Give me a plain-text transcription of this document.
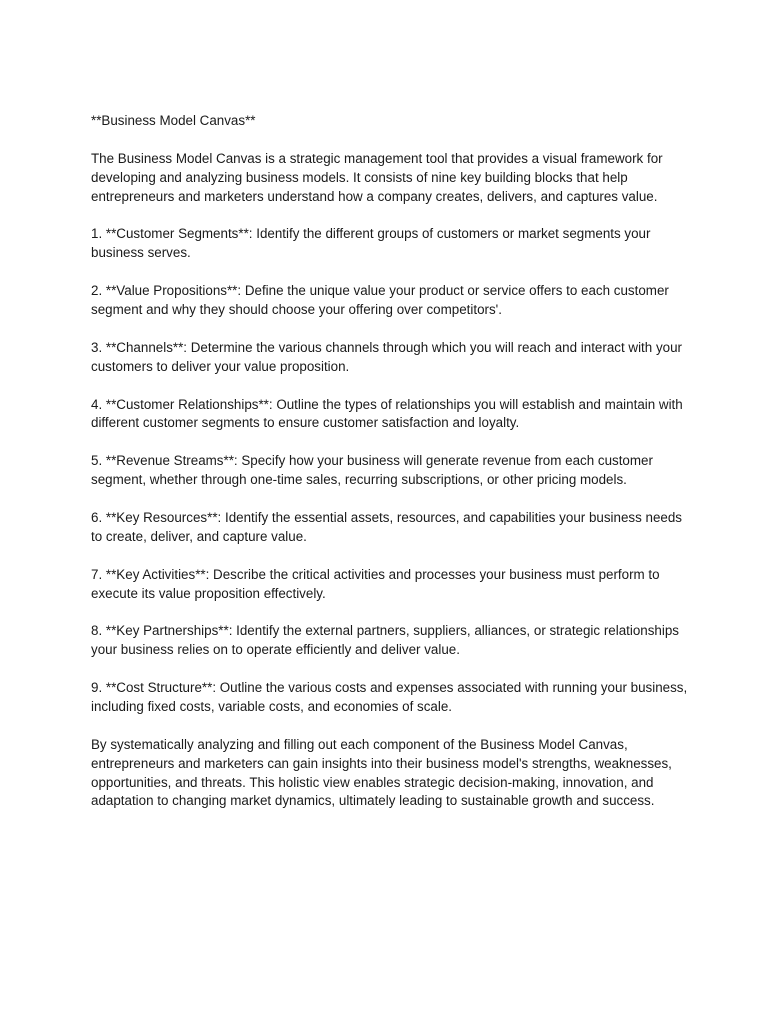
**Business Model Canvas**

The Business Model Canvas is a strategic management tool that provides a visual framework for developing and analyzing business models. It consists of nine key building blocks that help entrepreneurs and marketers understand how a company creates, delivers, and captures value.

1. **Customer Segments**: Identify the different groups of customers or market segments your business serves.

2. **Value Propositions**: Define the unique value your product or service offers to each customer segment and why they should choose your offering over competitors'.

3. **Channels**: Determine the various channels through which you will reach and interact with your customers to deliver your value proposition.

4. **Customer Relationships**: Outline the types of relationships you will establish and maintain with different customer segments to ensure customer satisfaction and loyalty.

5. **Revenue Streams**: Specify how your business will generate revenue from each customer segment, whether through one-time sales, recurring subscriptions, or other pricing models.

6. **Key Resources**: Identify the essential assets, resources, and capabilities your business needs to create, deliver, and capture value.

7. **Key Activities**: Describe the critical activities and processes your business must perform to execute its value proposition effectively.

8. **Key Partnerships**: Identify the external partners, suppliers, alliances, or strategic relationships your business relies on to operate efficiently and deliver value.

9. **Cost Structure**: Outline the various costs and expenses associated with running your business, including fixed costs, variable costs, and economies of scale.

By systematically analyzing and filling out each component of the Business Model Canvas, entrepreneurs and marketers can gain insights into their business model's strengths, weaknesses, opportunities, and threats. This holistic view enables strategic decision-making, innovation, and adaptation to changing market dynamics, ultimately leading to sustainable growth and success.
